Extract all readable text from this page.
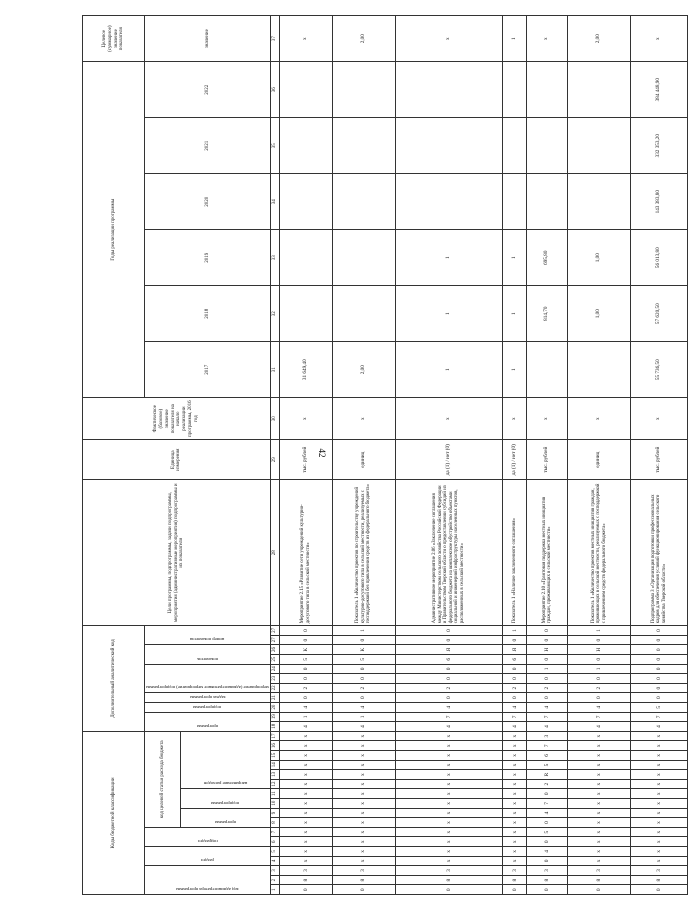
42
Коды бюджетной классификации																	Дополнительный аналитический код											Цели программы, подпрограммы, задачи подпрограммы, мероприятия (административные мероприятия) подпрограммы и их показатели	Единица измерения	Фактическое (базовое) значение показателя на начало реализации программы, 2016 год	Годы реализации программы						Целевое (суммарное) значение показателя

код администратора программы			раздел		подраздел		код целевой статьи расхода бюджета										программа		подпрограмма	задача программы	мероприятие (административное мероприятие) подпрограммы			показатель		номер показателя					2017	2018	2019	2020	2021	2022	значение

							программа		подпрограмма		направление расходов																										

1	2	3	4	5	6	7	8	9	10	11	12	13	14	15	16	17	18	19	20	21	22	23	24	25	26	27	27	28	29	30	31	32	33	34	35	36	37
0	8	3	х	х	х	х	х	х	х	х	х	х	х	х	х	х	4	1	4	0	2	0	0	5	К	0	0	Мероприятие 2.15 «Развитие сети учреждений культурно-досугового типа в сельской местности»	тыс. рублей	х	31 649,40						х
0	8	3	х	х	х	х	х	х	х	х	х	х	х	х	х	х	4	1	4	0	2	0	0	5	К	0	1	Показатель 1 «Количество проектов по строительству учреждений культурно-досугового типа в сельской местности, реализуемых с господдержкой без привлечения средств из федерального бюджета»	единиц	х	2,00						2,00
0	8	3	х	х	х	х	х	х	х	х	х	х	х	х	х	х	4	7	4	0	2	0	0	6	Я	0	0	Административное мероприятие 2.06 «Заключение соглашения между Министерством сельского хозяйства Российской Федерации и Правительством Тверской области о предоставлении субсидий из федерального бюджета на комплексное обустройство объектами социальной и инженерной инфраструктуры населенных пунктов, расположенных в сельской местности»	да (1) / нет (0)	х	1	1	1				х
0	8	3	х	х	х	х	х	х	х	х	х	х	х	х	х	х	4	7	4	0	2	0	0	6	Я	0	1	Показатель 1 «Наличие заключенного соглашения»	да (1) / нет (0)	х	1	1	1				1
0	8	3	0	4	0	5	0	4	7	0	2	R	5	6	7	3	4	7	4	0	2	0	1	0	Н	0	0	Мероприятие 2.10 «Грантовая поддержка местных инициатив граждан, проживающих в сельской местности»	тыс. рублей	х		814,70	695,80				х
0	8	3	х	х	х	х	х	х	х	х	х	х	х	х	х	х	4	7	4	0	2	0	1	0	Н	0	1	Показатель 1 «Количество проектов местных инициатив граждан, проживающих в сельской местности, реализуемых с господдержкой с привлечением средств федерального бюджета»	единиц	х		1,00	1,00				2,00
0	8	3	х	х	х	х	х	х	х	х	х	х	х	х	х	х	4	7	5	0	0	0	0	0	0	0	0	Подпрограмма 3 «Организация подготовки профессиональных кадров для обеспечения условий функционирования сельского хозяйства Тверской области»	тыс. рублей	х	55 736,50	57 620,50	56 013,80	143 383,80	332 353,20	384 448,90	х
